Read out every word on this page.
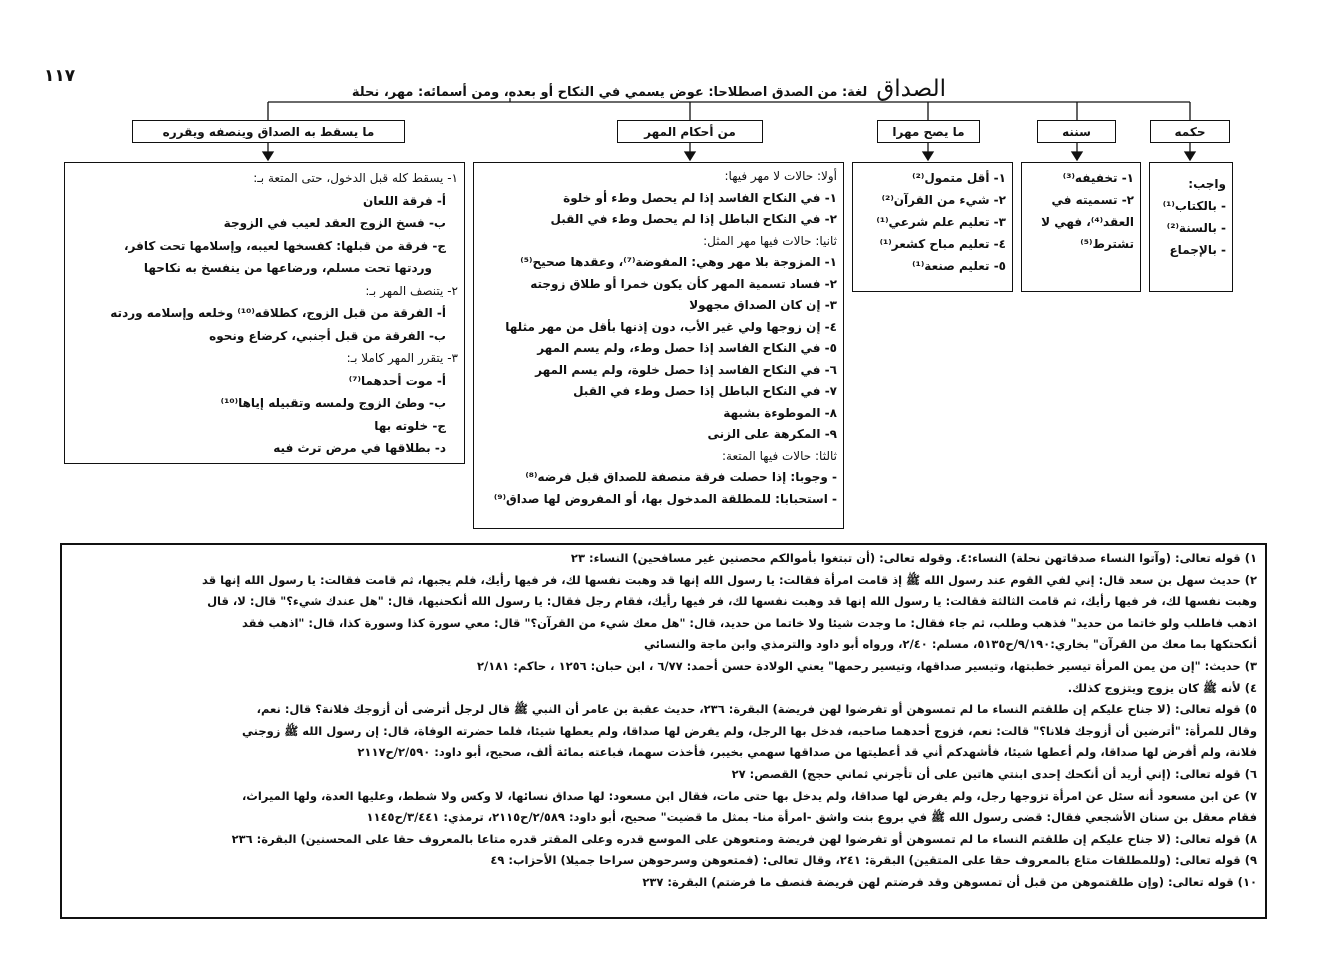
١١٧	الصداق لغة: من الصدق اصطلاحا: عوض يسمي في النكاح أو بعده، ومن أسمائه: مهر، نحلة
ما يسقط به الصداق وينصفه ويقرره	من أحكام المهر	ما يصح مهرا	سننه	حكمه
واجب:
- بالكتاب⁽¹⁾
- بالسنة⁽²⁾
- بالإجماع
١- تخفيفه⁽³⁾
٢- تسميته في
العقد⁽⁴⁾، فهي لا
تشترط⁽⁵⁾
١- أقل متمول⁽²⁾
٢- شيء من القرآن⁽²⁾
٣- تعليم علم شرعي⁽¹⁾
٤- تعليم مباح كشعر⁽¹⁾
٥- تعليم صنعة⁽¹⁾
أولا: حالات لا مهر فيها:
١- في النكاح الفاسد إذا لم يحصل وطء أو خلوة
٢- في النكاح الباطل إذا لم يحصل وطء في القبل
ثانيا: حالات فيها مهر المثل:
١- المزوجة بلا مهر وهي: المفوضة⁽⁷⁾، وعقدها صحيح⁽⁵⁾
٢- فساد تسمية المهر كأن يكون خمرا أو طلاق زوجته
٣- إن كان الصداق مجهولا
٤- إن زوجها ولي غير الأب، دون إذنها بأقل من مهر مثلها
٥- في النكاح الفاسد إذا حصل وطء، ولم يسم المهر
٦- في النكاح الفاسد إذا حصل خلوة، ولم يسم المهر
٧- في النكاح الباطل إذا حصل وطء في القبل
٨- الموطوءة بشبهة
٩- المكرهة على الزنى
ثالثا: حالات فيها المتعة:
- وجوبا: إذا حصلت فرقة منصفة للصداق قبل فرضه⁽⁸⁾
- استحبابا: للمطلقة المدخول بها، أو المفروض لها صداق⁽⁹⁾
١- يسقط كله قبل الدخول، حتى المتعة بـ:
أ- فرقة اللعان
ب- فسخ الزوج العقد لعيب في الزوجة
ج- فرقة من قبلها: كفسخها لعيبه، وإسلامها تحت كافر،
وردتها تحت مسلم، ورضاعها من ينفسخ به نكاحها
٢- يتنصف المهر بـ:
أ- الفرقة من قبل الزوج، كطلاقه⁽¹⁰⁾ وخلعه وإسلامه وردته
ب- الفرقة من قبل أجنبي، كرضاع ونحوه
٣- يتقرر المهر كاملا بـ:
أ- موت أحدهما⁽⁷⁾
ب- وطئ الزوج ولمسه وتقبيله إياها⁽¹⁰⁾
ج- خلوته بها
د- بطلاقها في مرض ترث فيه
١) قوله تعالى: (وآتوا النساء صدقاتهن نحلة) النساء:٤. وقوله تعالى: (أن تبتغوا بأموالكم محصنين غير مسافحين) النساء: ٢٣
٢) حديث سهل بن سعد قال: إني لفي القوم عند رسول الله ﷺ إذ قامت امرأة فقالت: يا رسول الله إنها قد وهبت نفسها لك، فر فيها رأيك، فلم يجبها، ثم قامت فقالت: يا رسول الله إنها قد
وهبت نفسها لك، فر فيها رأيك، ثم قامت الثالثة فقالت: يا رسول الله إنها قد وهبت نفسها لك، فر فيها رأيك، فقام رجل فقال: يا رسول الله أنكحنيها، قال: "هل عندك شيء؟" قال: لا، قال
اذهب فاطلب ولو خاتما من حديد" فذهب وطلب، ثم جاء فقال: ما وجدت شيئا ولا خاتما من حديد، قال: "هل معك شيء من القرآن؟" قال: معي سورة كذا وسورة كذا، قال: "اذهب فقد
أنكحتكها بما معك من القرآن" بخاري:٩/١٩٠/ح٥١٣٥، مسلم: ٢/٤٠، ورواه أبو داود والترمذي وابن ماجة والنسائي
٣) حديث: "إن من يمن المرأة تيسير خطبتها، وتيسير صداقها، وتيسير رحمها" يعني الولادة حسن أحمد: ٦/٧٧ ، ابن حبان: ١٢٥٦ ، حاكم: ٢/١٨١
٤) لأنه ﷺ كان يزوج ويتزوج كذلك.
٥) قوله تعالى: (لا جناح عليكم إن طلقتم النساء ما لم تمسوهن أو تفرضوا لهن فريضة) البقرة: ٢٣٦، حديث عقبة بن عامر أن النبي ﷺ قال لرجل أترضى أن أزوجك فلانة؟ قال: نعم،
وقال للمرأة: "أترضين أن أزوجك فلانا؟" قالت: نعم، فزوج أحدهما صاحبه، فدخل بها الرجل، ولم يفرض لها صداقا، ولم يعطها شيئا، فلما حضرته الوفاة، قال: إن رسول الله ﷺ زوجني
فلانة، ولم أفرض لها صداقا، ولم أعطها شيئا، فأشهدكم أني قد أعطيتها من صداقها سهمي بخيبر، فأخذت سهما، فباعته بمائة ألف، صحيح، أبو داود: ٢/٥٩٠/ح٢١١٧
٦) قوله تعالى: (إني أريد أن أنكحك إحدى ابنتي هاتين على أن تأجرني ثماني حجج) القصص: ٢٧
٧) عن ابن مسعود أنه سئل عن امرأة تزوجها رجل، ولم يفرض لها صداقا، ولم يدخل بها حتى مات، فقال ابن مسعود: لها صداق نسائها، لا وكس ولا شطط، وعليها العدة، ولها الميراث،
فقام معقل بن سنان الأشجعي فقال: قضى رسول الله ﷺ في بروع بنت واشق -امرأة منا- بمثل ما قضيت" صحيح، أبو داود: ٢/٥٨٩/ح٢١١٥، ترمذي: ٣/٤٤١/ح١١٤٥
٨) قوله تعالى: (لا جناح عليكم إن طلقتم النساء ما لم تمسوهن أو تفرضوا لهن فريضة ومتعوهن على الموسع قدره وعلى المقتر قدره متاعا بالمعروف حقا على المحسنين) البقرة: ٢٣٦
٩) قوله تعالى: (وللمطلقات متاع بالمعروف حقا على المتقين) البقرة: ٢٤١، وقال تعالى: (فمتعوهن وسرحوهن سراحا جميلا) الأحزاب: ٤٩
١٠) قوله تعالى: (وإن طلقتموهن من قبل أن تمسوهن وقد فرضتم لهن فريضة فنصف ما فرضتم) البقرة: ٢٣٧
